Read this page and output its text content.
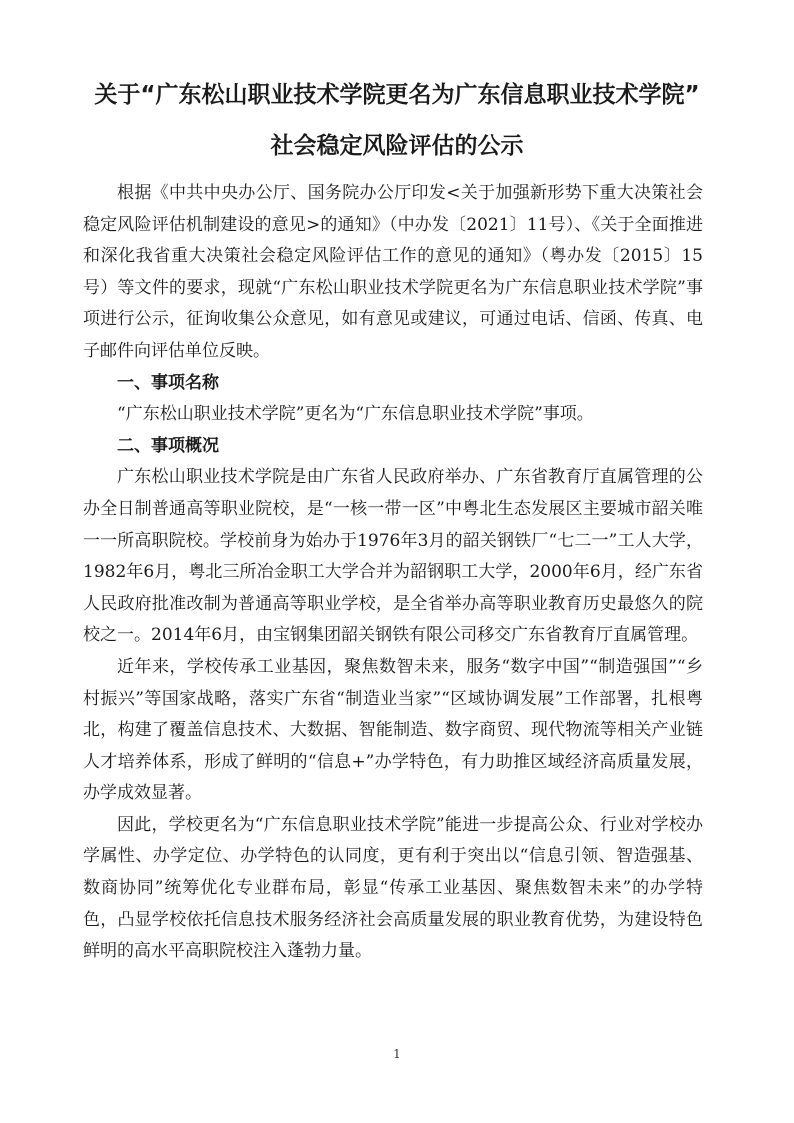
关于“广东松山职业技术学院更名为广东信息职业技术学院”
社会稳定风险评估的公示

根据《中共中央办公厅、国务院办公厅印发<关于加强新形势下重大决策社会稳定风险评估机制建设的意见>的通知》（中办发〔2021〕11号）、《关于全面推进和深化我省重大决策社会稳定风险评估工作的意见的通知》（粤办发〔2015〕15号）等文件的要求，现就“广东松山职业技术学院更名为广东信息职业技术学院”事项进行公示，征询收集公众意见，如有意见或建议，可通过电话、信函、传真、电子邮件向评估单位反映。

一、事项名称

“广东松山职业技术学院”更名为“广东信息职业技术学院”事项。

二、事项概况

广东松山职业技术学院是由广东省人民政府举办、广东省教育厅直属管理的公办全日制普通高等职业院校，是“一核一带一区”中粤北生态发展区主要城市韶关唯一一所高职院校。学校前身为始办于1976年3月的韶关钢铁厂“七二一”工人大学，1982年6月，粤北三所冶金职工大学合并为韶钢职工大学，2000年6月，经广东省人民政府批准改制为普通高等职业学校，是全省举办高等职业教育历史最悠久的院校之一。2014年6月，由宝钢集团韶关钢铁有限公司移交广东省教育厅直属管理。

近年来，学校传承工业基因，聚焦数智未来，服务“数字中国”“制造强国”“乡村振兴”等国家战略，落实广东省“制造业当家”“区域协调发展”工作部署，扎根粤北，构建了覆盖信息技术、大数据、智能制造、数字商贸、现代物流等相关产业链人才培养体系，形成了鲜明的“信息+”办学特色，有力助推区域经济高质量发展，办学成效显著。

因此，学校更名为“广东信息职业技术学院”能进一步提高公众、行业对学校办学属性、办学定位、办学特色的认同度，更有利于突出以“信息引领、智造强基、数商协同”统筹优化专业群布局，彰显“传承工业基因、聚焦数智未来”的办学特色，凸显学校依托信息技术服务经济社会高质量发展的职业教育优势，为建设特色鲜明的高水平高职院校注入蓬勃力量。

1
